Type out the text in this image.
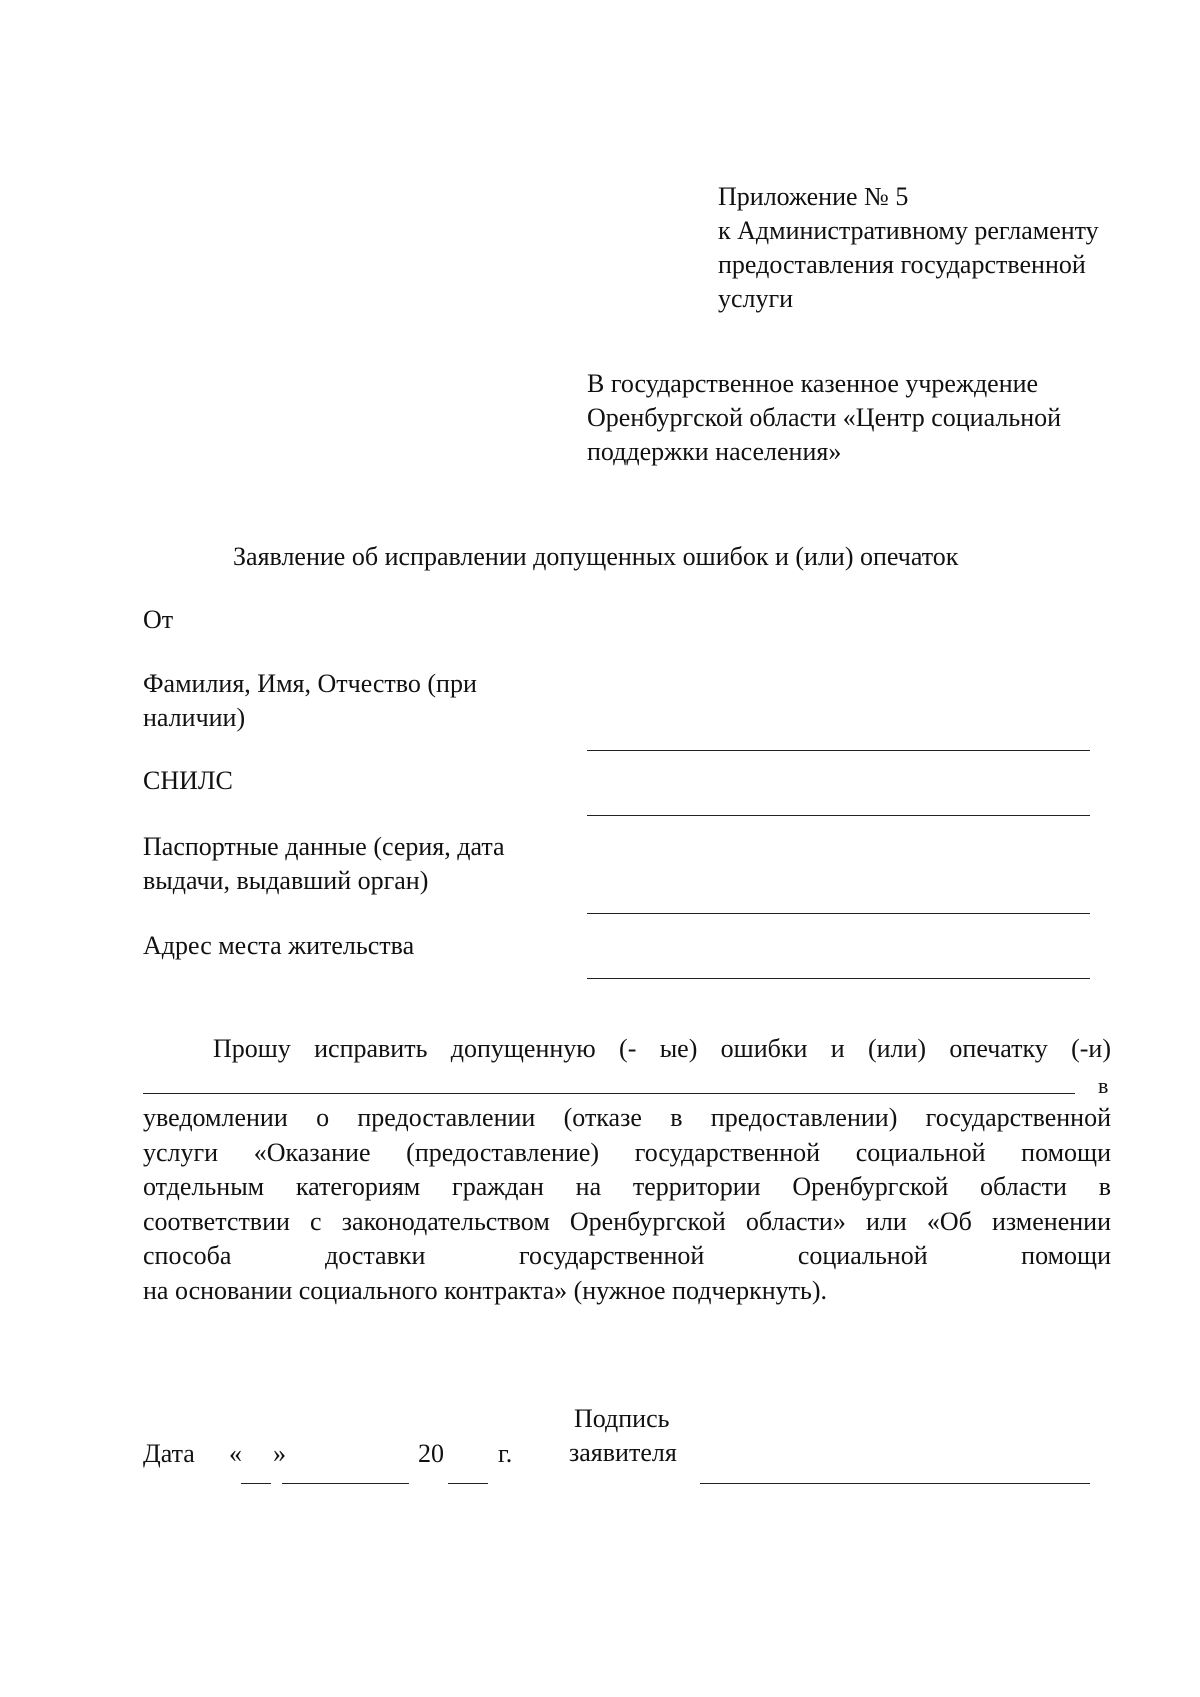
Приложение № 5
к Административному регламенту
предоставления государственной
услуги
В государственное казенное учреждение
Оренбургской области «Центр социальной
поддержки населения»
Заявление об исправлении допущенных ошибок и (или) опечаток
От
Фамилия, Имя, Отчество (при
наличии)
СНИЛС
Паспортные данные (серия, дата
выдачи, выдавший орган)
Адрес места жительства
Прошу исправить допущенную (- ые) ошибки и (или) опечатку (-и)
в
уведомлении о предоставлении (отказе в предоставлении) государственной
услуги «Оказание (предоставление) государственной социальной помощи
отдельным категориям граждан на территории Оренбургской области в
соответствии с законодательством Оренбургской области» или «Об изменении
способа доставки государственной социальной помощи
на основании социального контракта» (нужное подчеркнуть).
Дата « »	20 г.
Подпись
заявителя
